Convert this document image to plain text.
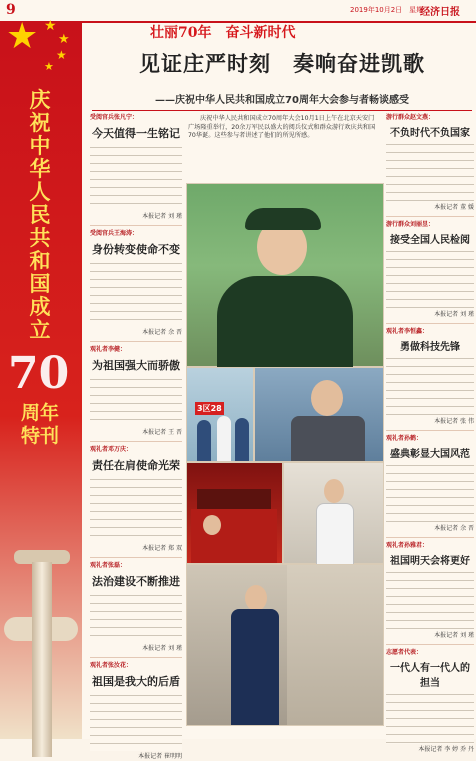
9	2019年10月2日　星期三
经济日报
★ ★
★
★
★
庆祝中华人民共和国成立
70
周年特刊
壮丽70年　奋斗新时代
见证庄严时刻　奏响奋进凯歌
——庆祝中华人民共和国成立70周年大会参与者畅谈感受
受阅官兵张凡宁：
今天值得一生铭记
本报记者 刘 瑾
受阅官兵王海涛：
身份转变使命不变
本报记者 余 晋
观礼者李健：
为祖国强大而骄傲
本报记者 王 晋
观礼者邓万庆：
责任在肩使命光荣
本报记者 郑 双
观礼者张磊：
法治建设不断推进
本报记者 刘 瑾
观礼者张汝花：
祖国是我大的后盾
本报记者 崔明明
庆祝中华人民共和国成立70周年大会10月1日上午在北京天安门广场隆重举行，20余万军民以盛大的阅兵仪式和群众游行欢庆共和国70华诞。这些参与者讲述了他们的所见所感。
3区28
游行群众赵文燕：
不负时代不负国家
本报记者 董 媛
游行群众刘丽昱：
接受全国人民检阅
本报记者 刘 瑾
观礼者李恒鑫：
勇做科技先锋
本报记者 张 伟
观礼者孙鹤：
盛典彰显大国风范
本报记者 余 晋
观礼者孙雅君：
祖国明天会将更好
本报记者 刘 瑾
志愿者代表：
一代人有一代人的担当
本报记者 李 婷 乔 丹
